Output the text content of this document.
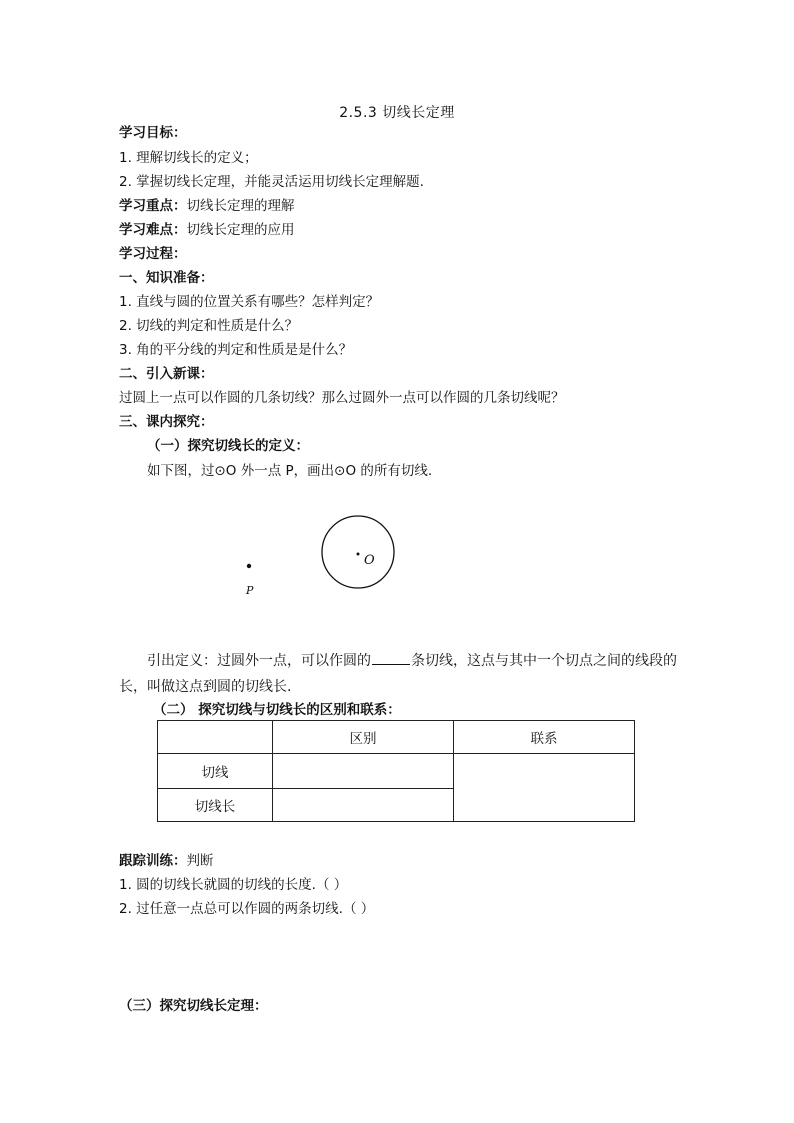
2.5.3 切线长定理
学习目标：
1. 理解切线长的定义；
2. 掌握切线长定理，并能灵活运用切线长定理解题.
学习重点：切线长定理的理解
学习难点：切线长定理的应用
学习过程：
一、知识准备：
1. 直线与圆的位置关系有哪些？怎样判定？
2. 切线的判定和性质是什么？
3. 角的平分线的判定和性质是是什么？
二、引入新课：
过圆上一点可以作圆的几条切线？那么过圆外一点可以作圆的几条切线呢？
三、课内探究：
（一）探究切线长的定义：
如下图，过⊙O 外一点 P，画出⊙O 的所有切线.
O
P
引出定义：过圆外一点，可以作圆的	条切线，这点与其中一个切点之间的线段的
长，叫做这点到圆的切线长.
（二） 探究切线与切线长的区别和联系：
	区别	联系
切线		
切线长		
跟踪训练：判断
1. 圆的切线长就圆的切线的长度.（ ）
2. 过任意一点总可以作圆的两条切线.（ ）
（三）探究切线长定理：
